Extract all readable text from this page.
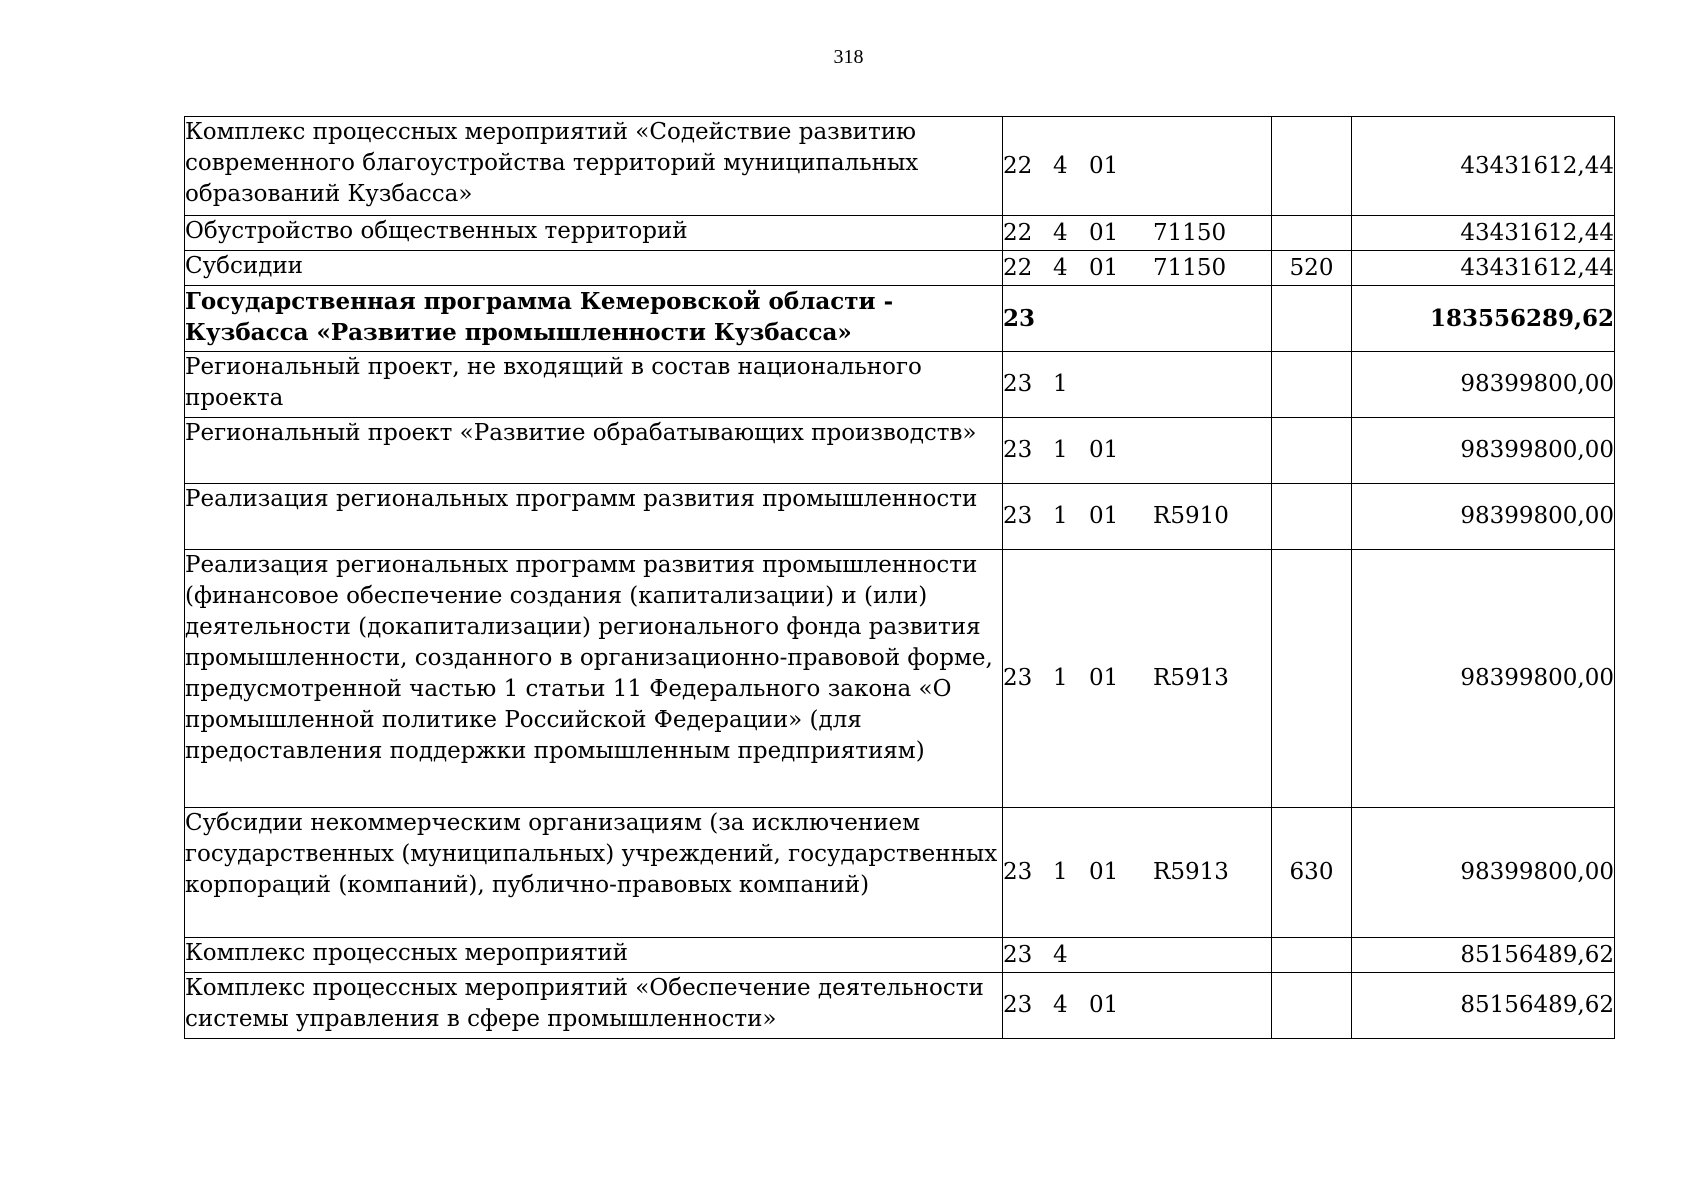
318
Комплекс процессных мероприятий «Содействие развитию современного благоустройства территорий муниципальных образований Кузбасса»	22 4 01		43431612,44
Обустройство общественных территорий	22 4 01 71150		43431612,44
Субсидии	22 4 01 71150	520	43431612,44
Государственная программа Кемеровской области - Кузбасса «Развитие промышленности Кузбасса»	23		183556289,62
Региональный проект, не входящий в состав национального проекта	23 1		98399800,00
Региональный проект «Развитие обрабатывающих производств»	23 1 01		98399800,00
Реализация региональных программ развития промышленности	23 1 01 R5910		98399800,00
Реализация региональных программ развития промышленности (финансовое обеспечение создания (капитализации) и (или) деятельности (докапитализации) регионального фонда развития промышленности, созданного в организационно-правовой форме, предусмотренной частью 1 статьи 11 Федерального закона «О промышленной политике Российской Федерации» (для предоставления поддержки промышленным предприятиям)	23 1 01 R5913		98399800,00
Субсидии некоммерческим организациям (за исключением государственных (муниципальных) учреждений, государственных корпораций (компаний), публично-правовых компаний)	23 1 01 R5913	630	98399800,00
Комплекс процессных мероприятий	23 4		85156489,62
Комплекс процессных мероприятий «Обеспечение деятельности системы управления в сфере промышленности»	23 4 01		85156489,62
